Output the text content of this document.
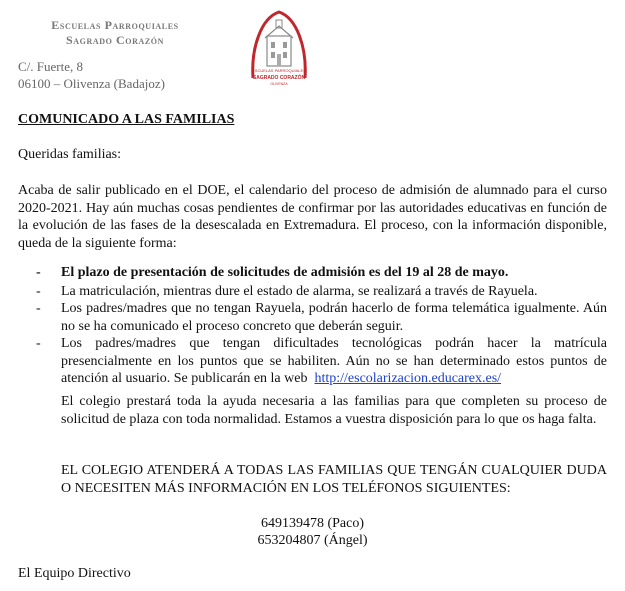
Escuelas Parroquiales
Sagrado Corazón
C/. Fuerte, 8
06100 – Olivenza (Badajoz)
ESCUELAS PARROQUIALES
SAGRADO CORAZÓN
OLIVENZA
COMUNICADO A LAS FAMILIAS
Queridas familias:
Acaba de salir publicado en el DOE, el calendario del proceso de admisión de alumnado para el curso 2020-2021. Hay aún muchas cosas pendientes de confirmar por las autoridades educativas en función de la evolución de las fases de la desescalada en Extremadura. El proceso, con la información disponible, queda de la siguiente forma:
- El plazo de presentación de solicitudes de admisión es del 19 al 28 de mayo.
- La matriculación, mientras dure el estado de alarma, se realizará a través de Rayuela.
- Los padres/madres que no tengan Rayuela, podrán hacerlo de forma telemática igualmente. Aún no se ha comunicado el proceso concreto que deberán seguir.
- Los padres/madres que tengan dificultades tecnológicas podrán hacer la matrícula presencialmente en los puntos que se habiliten. Aún no se han determinado estos puntos de atención al usuario. Se publicarán en la web http://escolarizacion.educarex.es/
El colegio prestará toda la ayuda necesaria a las familias para que completen su proceso de solicitud de plaza con toda normalidad. Estamos a vuestra disposición para lo que os haga falta.
EL COLEGIO ATENDERÁ A TODAS LAS FAMILIAS QUE TENGÁN CUALQUIER DUDA O NECESITEN MÁS INFORMACIÓN EN LOS TELÉFONOS SIGUIENTES:
649139478 (Paco)
653204807 (Ángel)
El Equipo Directivo
